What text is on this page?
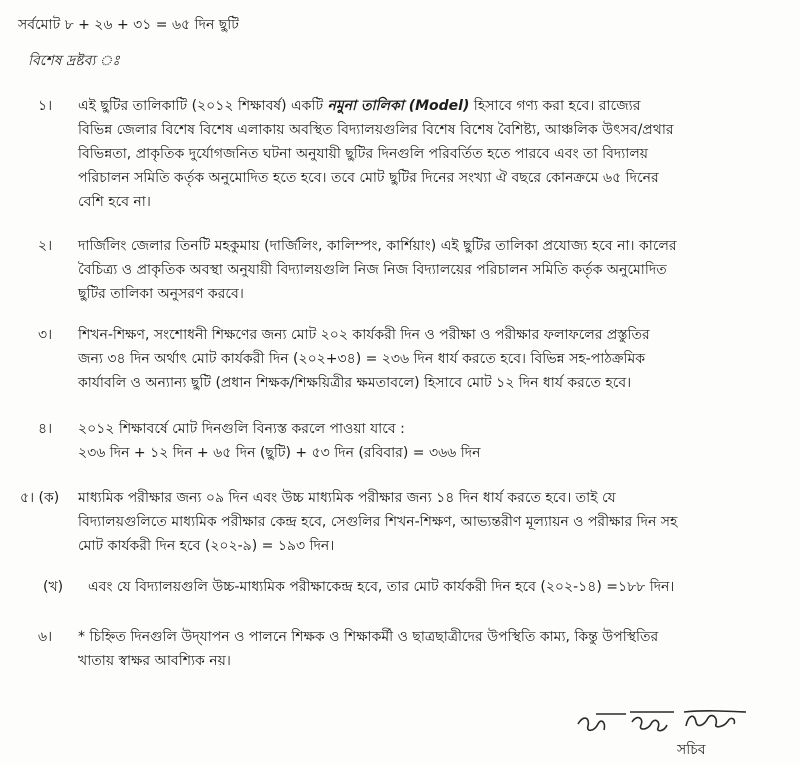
সর্বমোট ৮ + ২৬ + ৩১ = ৬৫ দিন ছুটি
বিশেষ দ্রষ্টব্য ঃ
১। এই ছুটির তালিকাটি (২০১২ শিক্ষাবর্ষ) একটি নমুনা তালিকা (Model) হিসাবে গণ্য করা হবে। রাজ্যের
বিভিন্ন জেলার বিশেষ বিশেষ এলাকায় অবস্থিত বিদ্যালয়গুলির বিশেষ বিশেষ বৈশিষ্ট্য, আঞ্চলিক উৎসব/প্রথার
বিভিন্নতা, প্রাকৃতিক দুর্যোগজনিত ঘটনা অনুযায়ী ছুটির দিনগুলি পরিবর্তিত হতে পারবে এবং তা বিদ্যালয়
পরিচালন সমিতি কর্তৃক অনুমোদিত হতে হবে। তবে মোট ছুটির দিনের সংখ্যা ঐ বছরে কোনক্রমে ৬৫ দিনের
বেশি হবে না।
২। দার্জিলিং জেলার তিনটি মহকুমায় (দার্জিলিং, কালিম্পং, কার্শিয়াং) এই ছুটির তালিকা প্রযোজ্য হবে না। কালের
বৈচিত্র্য ও প্রাকৃতিক অবস্থা অনুযায়ী বিদ্যালয়গুলি নিজ নিজ বিদ্যালয়ের পরিচালন সমিতি কর্তৃক অনুমোদিত
ছুটির তালিকা অনুসরণ করবে।
৩। শিখন-শিক্ষণ, সংশোধনী শিক্ষণের জন্য মোট ২০২ কার্যকরী দিন ও পরীক্ষা ও পরীক্ষার ফলাফলের প্রস্তুতির
জন্য ৩৪ দিন অর্থাৎ মোট কার্যকরী দিন (২০২+৩৪) = ২৩৬ দিন ধার্য করতে হবে। বিভিন্ন সহ-পাঠক্রমিক
কার্যাবলি ও অন্যান্য ছুটি (প্রধান শিক্ষক/শিক্ষয়িত্রীর ক্ষমতাবলে) হিসাবে মোট ১২ দিন ধার্য করতে হবে।
৪। ২০১২ শিক্ষাবর্ষে মোট দিনগুলি বিন্যস্ত করলে পাওয়া যাবে :
২৩৬ দিন + ১২ দিন + ৬৫ দিন (ছুটি) + ৫৩ দিন (রবিবার) = ৩৬৬ দিন
৫। (ক) মাধ্যমিক পরীক্ষার জন্য ০৯ দিন এবং উচ্চ মাধ্যমিক পরীক্ষার জন্য ১৪ দিন ধার্য করতে হবে। তাই যে
বিদ্যালয়গুলিতে মাধ্যমিক পরীক্ষার কেন্দ্র হবে, সেগুলির শিখন-শিক্ষণ, আভ্যন্তরীণ মূল্যায়ন ও পরীক্ষার দিন সহ
মোট কার্যকরী দিন হবে (২০২-৯) = ১৯৩ দিন।
(খ) এবং যে বিদ্যালয়গুলি উচ্চ-মাধ্যমিক পরীক্ষাকেন্দ্র হবে, তার মোট কার্যকরী দিন হবে (২০২-১৪) =১৮৮ দিন।
৬। * চিহ্নিত দিনগুলি উদ্‌যাপন ও পালনে শিক্ষক ও শিক্ষাকর্মী ও ছাত্রছাত্রীদের উপস্থিতি কাম্য, কিন্তু উপস্থিতির
খাতায় স্বাক্ষর আবশ্যিক নয়।
সচিব
